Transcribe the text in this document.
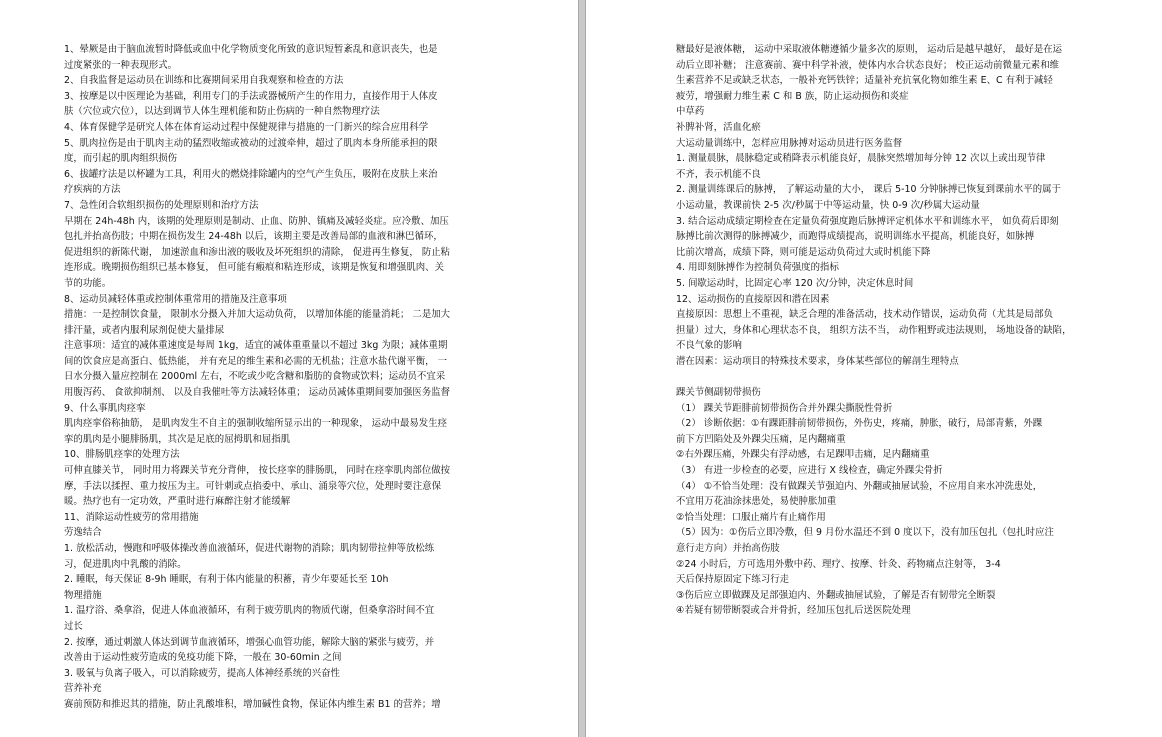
1、晕厥是由于脑血流暂时降低或血中化学物质变化所致的意识短暂紊乱和意识丧失，也是
过度紧张的一种表现形式。
2、自我监督是运动员在训练和比赛期间采用自我观察和检查的方法
3、按摩是以中医理论为基础，利用专门的手法或器械所产生的作用力，直接作用于人体皮
肤（穴位或穴位），以达到调节人体生理机能和防止伤病的一种自然物理疗法
4、体育保健学是研究人体在体育运动过程中保健规律与措施的一门新兴的综合应用科学
5、肌肉拉伤是由于肌肉主动的猛烈收缩或被动的过渡牵伸，超过了肌肉本身所能承担的限
度，而引起的肌肉组织损伤
6、拔罐疗法是以杯罐为工具，利用火的燃烧排除罐内的空气产生负压，吸附在皮肤上来治
疗疾病的方法
7、急性闭合软组织损伤的处理原则和治疗方法
早期在 24h-48h 内，该期的处理原则是制动、止血、防肿、镇痛及减轻炎症。应冷敷、加压
包扎并抬高伤肢；中期在损伤发生 24-48h 以后，该期主要是改善局部的血液和淋巴循环，
促进组织的新陈代谢， 加速淤血和渗出液的吸收及坏死组织的清除， 促进再生修复， 防止粘
连形成。晚期损伤组织已基本修复， 但可能有瘢痕和粘连形成，该期是恢复和增强肌肉、关
节的功能。
8、运动员减轻体重或控制体重常用的措施及注意事项
措施：一是控制饮食量， 限制水分摄入并加大运动负荷， 以增加体能的能量消耗； 二是加大
排汗量，或者内服利尿剂促使大量排尿
注意事项：适宜的减体重速度是每周 1kg，适宜的减体重重量以不超过 3kg 为限；减体重期
间的饮食应是高蛋白、低热能， 并有充足的维生素和必需的无机盐；注意水盐代谢平衡， 一
日水分摄入量应控制在 2000ml 左右，不吃或少吃含糖和脂肪的食物或饮料；运动员不宜采
用腹泻药、 食欲抑制剂、 以及自我催吐等方法减轻体重； 运动员减体重期间要加强医务监督
9、什么事肌肉痉挛
肌肉痉挛俗称抽筋， 是肌肉发生不自主的强制收缩所显示出的一种现象， 运动中最易发生痉
挛的肌肉是小腿腓肠肌，其次是足底的屈拇肌和屈指肌
10、腓肠肌痉挛的处理方法
可伸直膝关节， 同时用力将踝关节充分背伸， 按长痉挛的腓肠肌， 同时在痉挛肌肉部位做按
摩，手法以揉捏、重力按压为主。可针刺或点掐委中、承山、涌泉等穴位，处理时要注意保
暖。热疗也有一定功效，严重时进行麻醉注射才能缓解
11、消除运动性疲劳的常用措施
劳逸结合
1. 放松活动，慢跑和呼吸体操改善血液循环，促进代谢物的消除；肌肉韧带拉伸等放松练
习，促进肌肉中乳酸的消除。
2. 睡眠，每天保证 8-9h 睡眠，有利于体内能量的积蓄，青少年要延长至 10h
物理措施
1. 温疗浴、桑拿浴，促进人体血液循环，有利于疲劳肌肉的物质代谢，但桑拿浴时间不宜
过长
2. 按摩，通过刺激人体达到调节血液循环，增强心血管功能，解除大脑的紧张与疲劳，并
改善由于运动性疲劳造成的免疫功能下降，一般在 30-60min 之间
3. 吸氧与负离子吸入，可以消除疲劳，提高人体神经系统的兴奋性
营养补充
赛前预防和推迟其的措施，防止乳酸堆积，增加碱性食物，保证体内维生素 B1 的营养；增
糖最好是液体糖， 运动中采取液体糖遵循少量多次的原则， 运动后是越早越好， 最好是在运
动后立即补糖； 注意赛前、赛中科学补液，使体内水合状态良好； 校正运动前微量元素和维
生素营养不足或缺乏状态，一般补充钙铁锌；适量补充抗氧化物如维生素 E、C 有利于减轻
疲劳，增强耐力维生素 C 和 B 族，防止运动损伤和炎症
中草药
补脾补肾，活血化瘀
大运动量训练中，怎样应用脉搏对运动员进行医务监督
1. 测量晨脉，晨脉稳定或稍降表示机能良好，晨脉突然增加每分钟 12 次以上或出现节律
不齐，表示机能不良
2. 测量训练课后的脉搏， 了解运动量的大小， 课后 5-10 分钟脉搏已恢复到课前水平的属于
小运动量，教课前快 2-5 次/秒属于中等运动量，快 0-9 次/秒属大运动量
3. 结合运动成绩定期检查在定量负荷强度跑后脉搏评定机体水平和训练水平， 如负荷后即刻
脉搏比前次测得的脉搏减少，而跑得成绩提高，说明训练水平提高，机能良好，如脉搏
比前次增高，成绩下降，则可能是运动负荷过大或时机能下降
4. 用即刻脉搏作为控制负荷强度的指标
5. 间歇运动时，比固定心率 120 次/分钟，决定休息时间
12、运动损伤的直接原因和潜在因素
直接原因：思想上不重视，缺乏合理的准备活动，技术动作错误，运动负荷（尤其是局部负
担量）过大，身体和心理状态不良， 组织方法不当， 动作粗野或违法规则， 场地设备的缺陷，
不良气象的影响
潜在因素：运动项目的特殊技术要求，身体某些部位的解剖生理特点
踝关节侧副韧带损伤
（1） 踝关节距腓前韧带损伤合并外踝尖撕脱性骨折
（2） 诊断依据：①有踝距腓前韧带损伤，外伤史，疼痛，肿胀，破行，局部青紫，外踝
前下方凹陷处及外踝尖压痛，足内翻痛重
②右外踝压痛，外踝尖有浮动感，右足踝叩击痛，足内翻痛重
（3） 有进一步检查的必要，应进行 X 线检查，确定外踝尖骨折
（4） ①不恰当处理：没有做踝关节强迫内、外翻或抽屉试验，不应用自来水冲洗患处，
不宜用万花油涂抹患处，易使肿胀加重
②恰当处理：口服止痛片有止痛作用
（5）因为：①伤后立即冷敷，但 9 月份水温还不到 0 度以下，没有加压包扎（包扎时应注
意行走方向）并抬高伤肢
②24 小时后，方可选用外敷中药、理疗、按摩、针灸、药物痛点注射等， 3-4
天后保持原固定下练习行走
③伤后应立即做踝及足部强迫内、外翻或抽屉试验，了解是否有韧带完全断裂
④若疑有韧带断裂或合并骨折，经加压包扎后送医院处理
